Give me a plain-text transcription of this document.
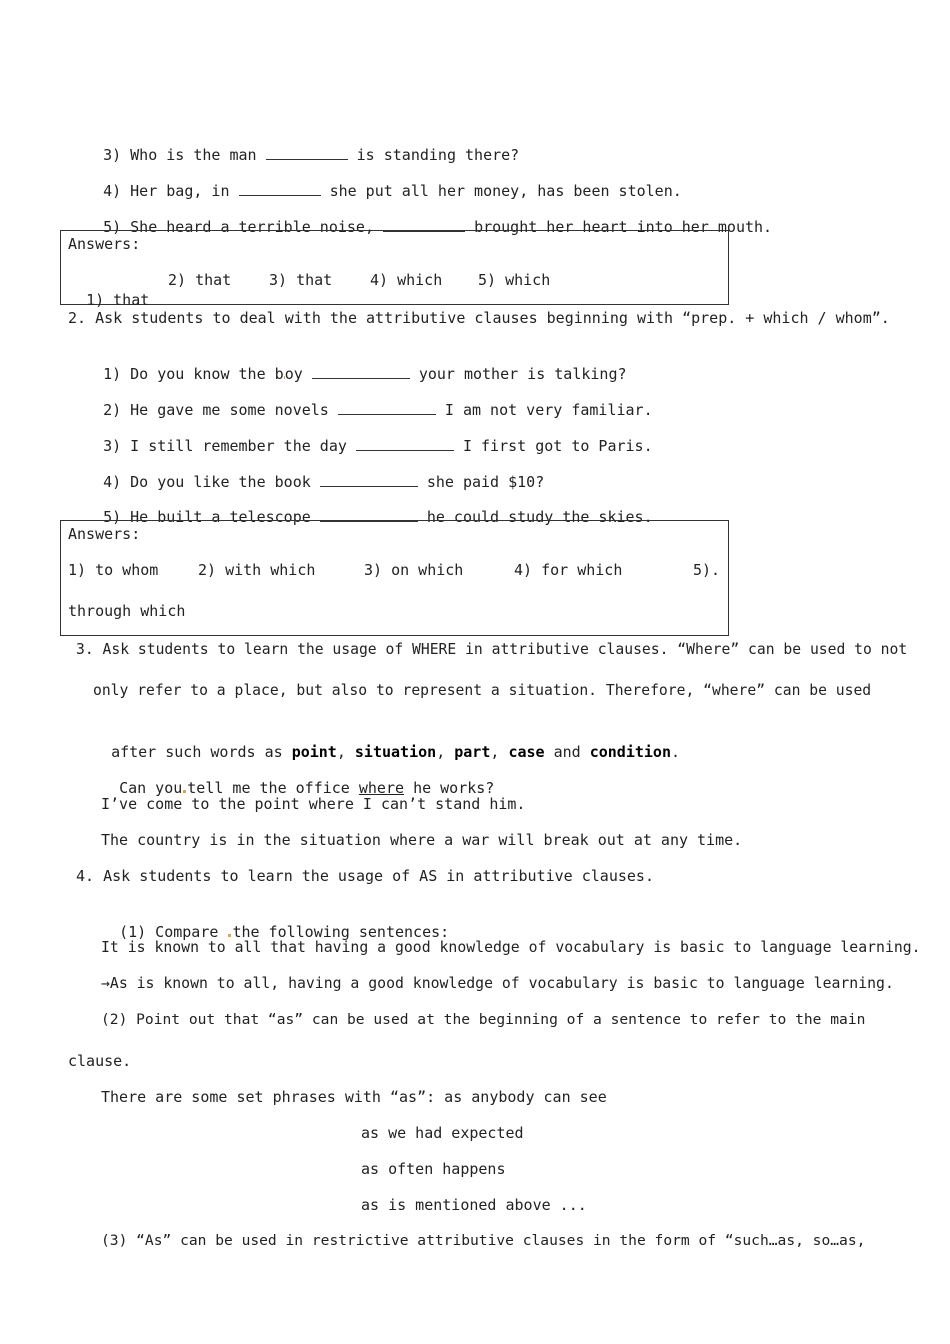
3) Who is the man	is standing there?

4) Her bag, in	she put all her money, has been stolen.

5) She heard a terrible noise,	brought her heart into her mouth.

Answers:

1) that

2) that	3) that	4) which 5) which
2. Ask students to deal with the attributive clauses beginning with “prep. + which / whom”.

1) Do you know the boy	your mother is talking?

2) He gave me some novels	I am not very familiar.

3) I still remember the day	I first got to Paris.

4) Do you like the book	she paid $10?

5) He built a telescope	he could study the skies.

Answers:
1) to whom	2) with which	3) on which	4) for which	5).
through which
3. Ask students to learn the usage of WHERE in attributive clauses. “Where” can be used to not
only refer to a place, but also to represent a situation. Therefore, “where” can be used

after such words as point, situation, part, case and condition.

Can you tell me the office where he works?

I’ve come to the point where I can’t stand him.
The country is in the situation where a war will break out at any time.
4. Ask students to learn the usage of AS in attributive clauses.

(1) Compare the following sentences:

It is known to all that having a good knowledge of vocabulary is basic to language learning.
→As is known to all, having a good knowledge of vocabulary is basic to language learning.
(2) Point out that “as” can be used at the beginning of a sentence to refer to the main
clause.
There are some set phrases with “as”: as anybody can see
as we had expected
as often happens
as is mentioned above ...
(3) “As” can be used in restrictive attributive clauses in the form of “such…as, so…as,
